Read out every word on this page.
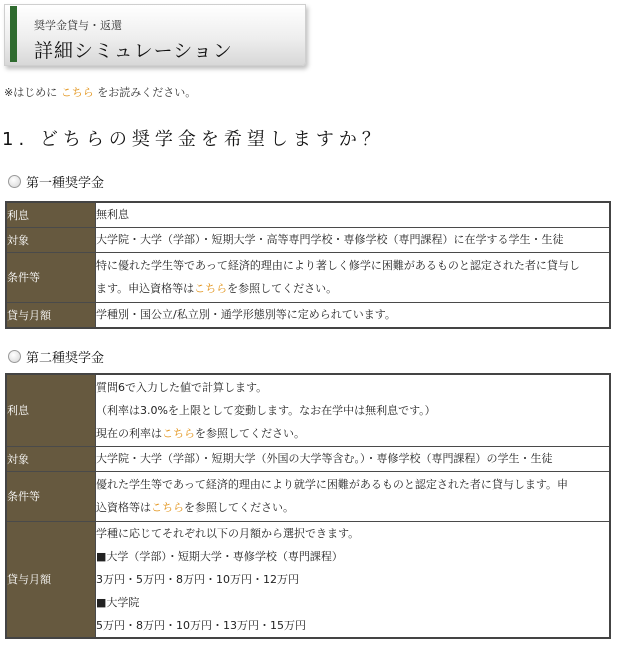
奨学金貸与・返還
詳細シミュレーション
※はじめに こちら をお読みください。
1. どちらの奨学金を希望しますか？
第一種奨学金
利息	無利息
対象	大学院・大学（学部）・短期大学・高等専門学校・専修学校（専門課程）に在学する学生・生徒
条件等	特に優れた学生等であって経済的理由により著しく修学に困難があるものと認定された者に貸与し
ます。申込資格等はこちらを参照してください。

貸与月額	学種別・国公立/私立別・通学形態別等に定められています。
第二種奨学金
利息	質問6で入力した値で計算します。
（利率は3.0%を上限として変動します。なお在学中は無利息です。）
現在の利率はこちらを参照してください。

対象	大学院・大学（学部）・短期大学（外国の大学等含む。）・専修学校（専門課程）の学生・生徒
条件等	優れた学生等であって経済的理由により就学に困難があるものと認定された者に貸与します。申
込資格等はこちらを参照してください。

貸与月額	学種に応じてそれぞれ以下の月額から選択できます。
■大学（学部）・短期大学・専修学校（専門課程）
3万円・5万円・8万円・10万円・12万円
■大学院
5万円・8万円・10万円・13万円・15万円
